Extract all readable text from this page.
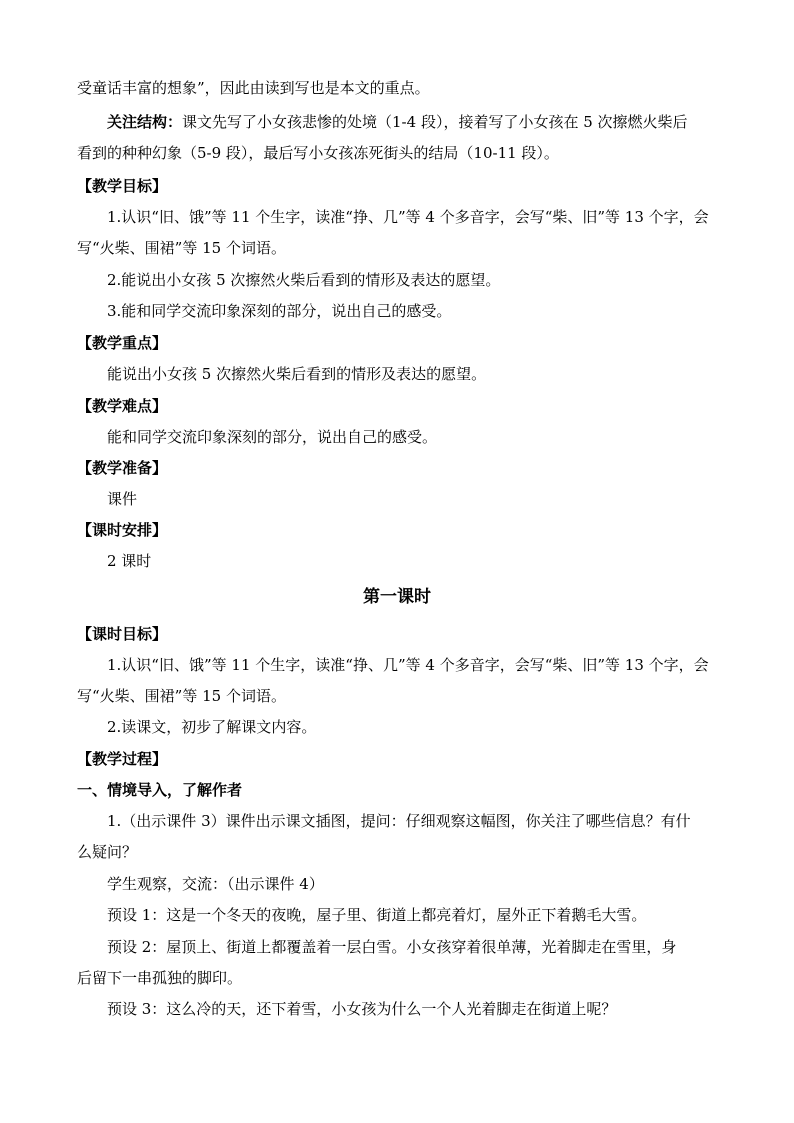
受童话丰富的想象”，因此由读到写也是本文的重点。
关注结构：课文先写了小女孩悲惨的处境（1-4 段），接着写了小女孩在 5 次擦燃火柴后
看到的种种幻象（5-9 段），最后写小女孩冻死街头的结局（10-11 段）。
【教学目标】
1.认识“旧、饿”等 11 个生字，读准“挣、几”等 4 个多音字，会写“柴、旧”等 13 个字，会
写“火柴、围裙”等 15 个词语。
2.能说出小女孩 5 次擦然火柴后看到的情形及表达的愿望。
3.能和同学交流印象深刻的部分，说出自己的感受。
【教学重点】
能说出小女孩 5 次擦然火柴后看到的情形及表达的愿望。
【教学难点】
能和同学交流印象深刻的部分，说出自己的感受。
【教学准备】
课件
【课时安排】
2 课时
第一课时
【课时目标】
1.认识“旧、饿”等 11 个生字，读准“挣、几”等 4 个多音字，会写“柴、旧”等 13 个字，会
写“火柴、围裙”等 15 个词语。
2.读课文，初步了解课文内容。
【教学过程】
一、情境导入，了解作者
1.（出示课件 3）课件出示课文插图，提问：仔细观察这幅图，你关注了哪些信息？有什
么疑问？
学生观察，交流：（出示课件 4）
预设 1：这是一个冬天的夜晚，屋子里、街道上都亮着灯，屋外正下着鹅毛大雪。
预设 2：屋顶上、街道上都覆盖着一层白雪。小女孩穿着很单薄，光着脚走在雪里，身
后留下一串孤独的脚印。
预设 3：这么冷的天，还下着雪，小女孩为什么一个人光着脚走在街道上呢？
